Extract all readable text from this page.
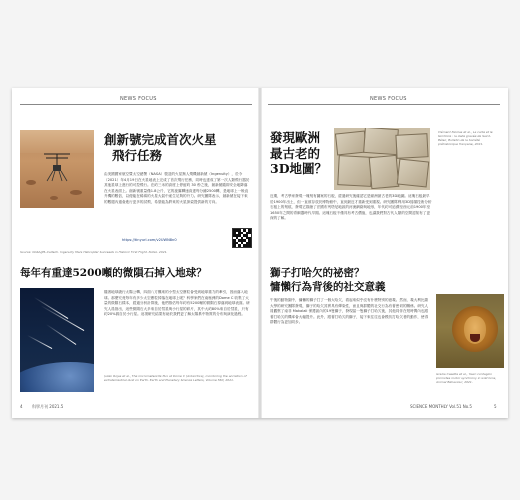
NEWS FOCUS
創新號完成首次火星
飛行任務
由美國國家航空暨太空總署（NASA）製造的火星無人飛機創新號（Ingenuity），於今（2021）年4月19日在火星地表上完成了首次飛行任務，同時也達成了第一次人類飛行器於其他星球上進行的可控飛行。在約三米的高度上停留約 30 秒之後，創新號隨即安全地降落在火星表面上。創新號重量僅1.8公斤，它的旋翼轉速高達每分鐘2500轉，是地球上一般直升機的數倍，以便能在稀薄的火星大氣中產生足夠的升力。研究團隊表示，創新號在接下來的數週內還會進行更多的試飛，希望能為將來的火星探索提供新的方向。
https://tinyurl.com/v2UWN8n0
Source: NASA/JPL-Caltech. Ingenuity Mars Helicopter Succeeds in Historic First Flight. NASA. 2021.
每年有重達5200噸的微隕石掉入地球？
隨著地球繞行太陽公轉，四面八方飄來的小型太空塵粒會受到地球重力的牽引，因而落入地球。那麼究竟每年有多少太空塵粒掉落在地球上呢？科學家們在南極洲的Dome C 收集了大量的微隕石樣本，經過分析計算後，他們推估每年約有5200噸的微隕石掉落到地球表面。研究人員指出，這些微隕石大多來自於彗星與小行星的碎片，其中大約80%來自於彗星，只有約20%源自於小行星。這項研究結果有助於我們更了解太陽系中物質的分布與演化過程。
Julien Rojas et al., The micrometeorite flux at Dome C (Antarctica), monitoring the accretion of extraterrestrial dust on Earth. Earth and Planetary Science Letters, Volume 560, 2021.
4 科學月刊 2021.5
NEWS FOCUS
發現歐洲
最古老的
3D地圖？
Clément Nicolas et al., La carte et le territoire : la dalle gravée de Saint-Bélec, Bulletin de la Société préhistorique française, 2021.
近期，考古學家發現一塊刻有圖案的石板，經過研究後確認它是歐洲最古老的3D地圖。這塊石板最早於1900年出土，但一直被存放於博物館中，直到最近才重新受到重視。研究團隊利用3D掃描技術分析石板上的刻痕，發現它描繪了法國布列塔尼地區的河流網絡與地形，年代約可追溯至西元前1900年至1650年之間的青銅器時代早期。這塊石板不僅具有考古價值，也讓我們對古代人類的空間認知有了更深的了解。
獅子打哈欠的祕密？
慵懶行為背後的社交意義
午後的動物園中，慵懶的獅子打了一個大哈欠，看起來似乎沒有什麼特別的意義。然而，義大利比薩大學的研究團隊發現，獅子的哈欠其實具有傳染性，而且與群體的社交行為有著密切的關係。研究人員觀察了南非 Makalali 保護區內的19隻獅子，發現當一隻獅子打哈欠後，其他同伴在短時間內也跟著打哈欠的機率會大幅提升。此外，跟著打哈欠的獅子，接下來往往也會模仿打哈欠者的動作，使得群體行為更加同步。
Grazia Casetta et al., Yawn contagion promotes motor synchrony in wild lions, Animal Behaviour, 2021.
SCIENCE MONTHLY Vol.51 No.5	5
